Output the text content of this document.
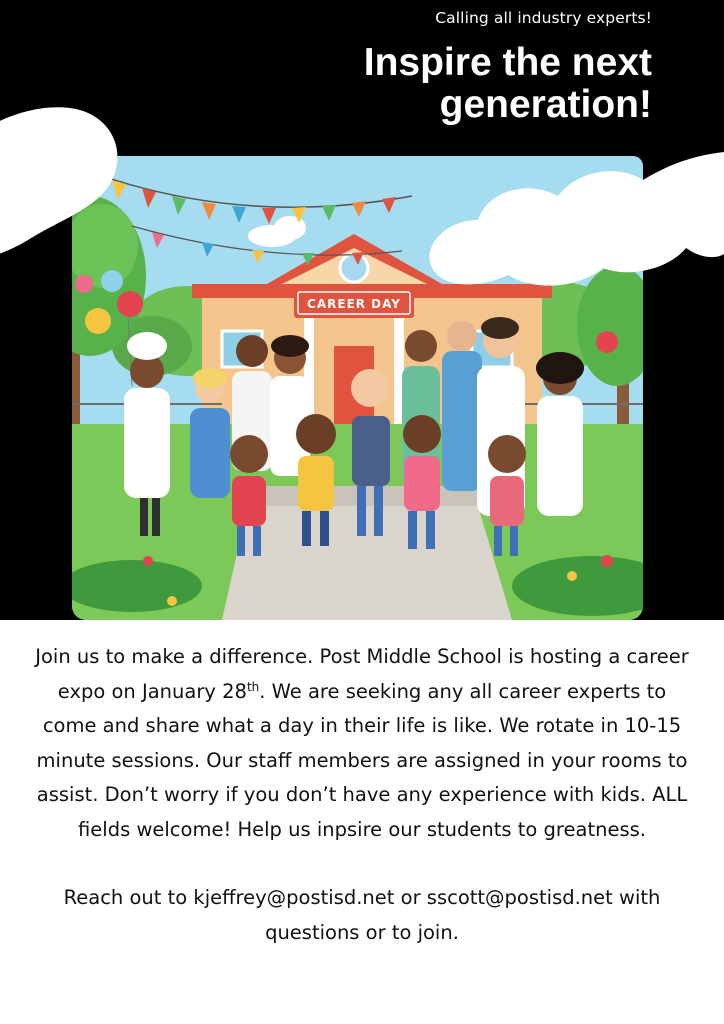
Calling all industry experts!
Inspire the next
generation!
CAREER DAY

Join us to make a difference. Post Middle School is hosting a career expo on January 28th. We are seeking any all career experts to come and share what a day in their life is like. We rotate in 10-15 minute sessions. Our staff members are assigned in your rooms to assist. Don’t worry if you don’t have any experience with kids. ALL fields welcome! Help us inpsire our students to greatness.

Reach out to kjeffrey@postisd.net or sscott@postisd.net with questions or to join.
